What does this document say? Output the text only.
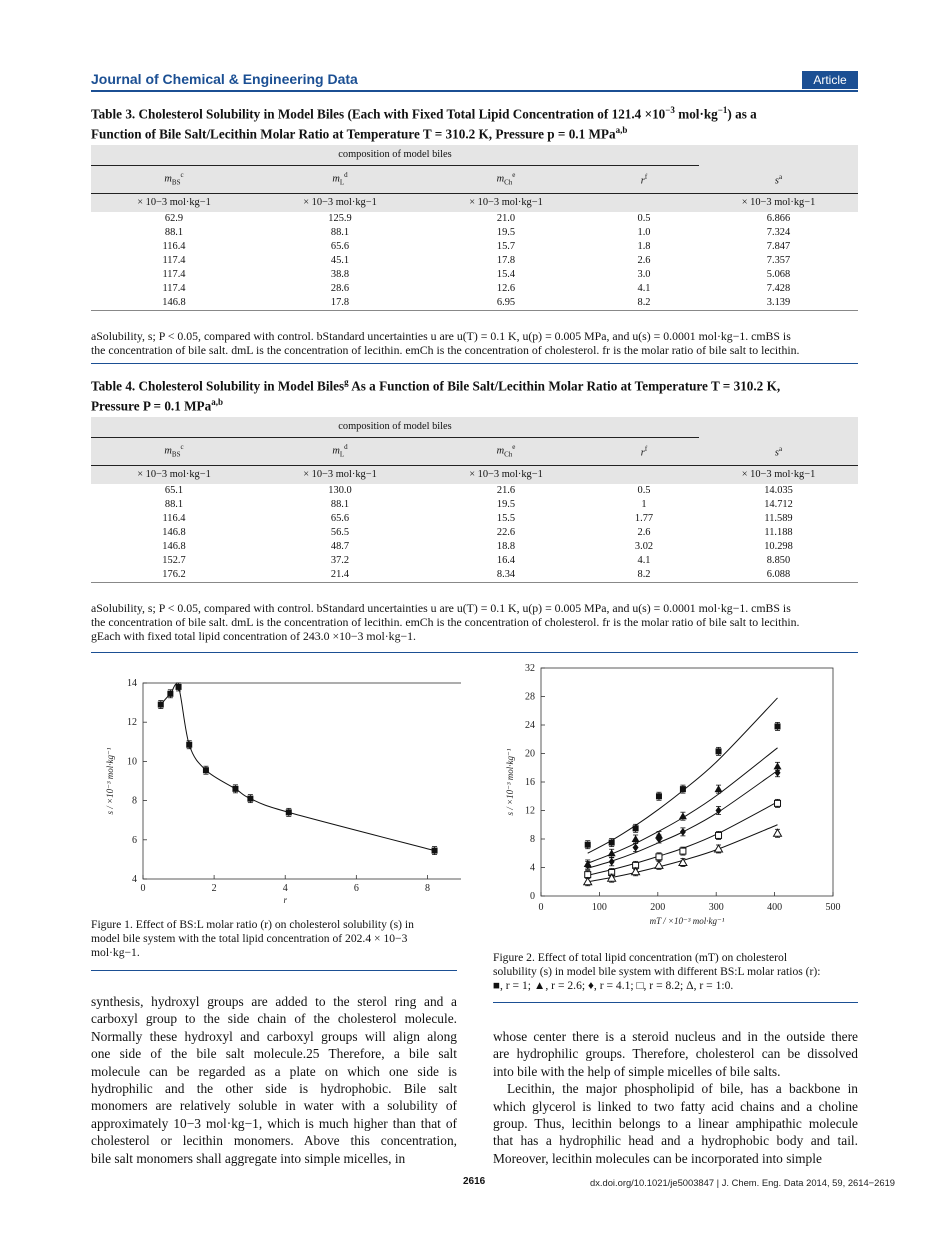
Journal of Chemical & Engineering Data	Article
Table 3. Cholesterol Solubility in Model Biles (Each with Fixed Total Lipid Concentration of $121.4 \times 10^{-3}$ $mol\cdot kg^{-1}$) as a
Function of Bile Salt/Lecithin Molar Ratio at Temperature T = 310.2 K, Pressure p = 0.1 MPa$^{a,b}$
composition of model biles				
$m_{BS}^c$	$m_L^d$	$m_{Ch}^e$	$r^f$	$s^a$
× 10−3 mol·kg−1	× 10−3 mol·kg−1	× 10−3 mol·kg−1		× 10−3 mol·kg−1
62.9	125.9	21.0	0.5	6.866
88.1	88.1	19.5	1.0	7.324
116.4	65.6	15.7	1.8	7.847
117.4	45.1	17.8	2.6	7.357
117.4	38.8	15.4	3.0	5.068
117.4	28.6	12.6	4.1	7.428
146.8	17.8	6.95	8.2	3.139
aSolubility, s; P < 0.05, compared with control. bStandard uncertainties u are u(T) = 0.1 K, u(p) = 0.005 MPa, and u(s) = 0.0001 mol·kg−1. cmBS is
the concentration of bile salt. dmL is the concentration of lecithin. emCh is the concentration of cholesterol. fr is the molar ratio of bile salt to lecithin.
Table 4. Cholesterol Solubility in Model Biles$^g$ As a Function of Bile Salt/Lecithin Molar Ratio at Temperature T = 310.2 K,
Pressure P = 0.1 MPa$^{a,b}$
composition of model biles				
$m_{BS}^c$	$m_L^d$	$m_{Ch}^e$	$r^f$	$s^a$
× 10−3 mol·kg−1	× 10−3 mol·kg−1	× 10−3 mol·kg−1		× 10−3 mol·kg−1
65.1	130.0	21.6	0.5	14.035
88.1	88.1	19.5	1	14.712
116.4	65.6	15.5	1.77	11.589
146.8	56.5	22.6	2.6	11.188
146.8	48.7	18.8	3.02	10.298
152.7	37.2	16.4	4.1	8.850
176.2	21.4	8.34	8.2	6.088
aSolubility, s; P < 0.05, compared with control. bStandard uncertainties u are u(T) = 0.1 K, u(p) = 0.005 MPa, and u(s) = 0.0001 mol·kg−1. cmBS is
the concentration of bile salt. dmL is the concentration of lecithin. emCh is the concentration of cholesterol. fr is the molar ratio of bile salt to lecithin.
gEach with fixed total lipid concentration of 243.0 ×10−3 mol·kg−1.
4
6
8
10
12
14
0	2	4	6	8
r
s / ×10⁻³ mol·kg⁻¹
Figure 1. Effect of BS:L molar ratio (r) on cholesterol solubility (s) in
model bile system with the total lipid concentration of 202.4 × 10−3
mol·kg−1.
0
4
8
12
16
20
24
28
32
0	100	200	300	400	500
mT / ×10⁻³ mol·kg⁻¹
s / ×10⁻³ mol·kg⁻¹
Figure 2. Effect of total lipid concentration (mT) on cholesterol
solubility (s) in model bile system with different BS:L molar ratios (r):
■, r = 1; ▲, r = 2.6; ♦, r = 4.1; □, r = 8.2; Δ, r = 1:0.
synthesis, hydroxyl groups are added to the sterol ring and a
carboxyl group to the side chain of the cholesterol molecule.
Normally these hydroxyl and carboxyl groups will align along
one side of the bile salt molecule.25 Therefore, a bile salt
molecule can be regarded as a plate on which one side is
hydrophilic and the other side is hydrophobic. Bile salt
monomers are relatively soluble in water with a solubility of
approximately 10−3 mol·kg−1, which is much higher than that of
cholesterol or lecithin monomers. Above this concentration,
bile salt monomers shall aggregate into simple micelles, in
whose center there is a steroid nucleus and in the outside there
are hydrophilic groups. Therefore, cholesterol can be dissolved
into bile with the help of simple micelles of bile salts.
Lecithin, the major phospholipid of bile, has a backbone in
which glycerol is linked to two fatty acid chains and a choline
group. Thus, lecithin belongs to a linear amphipathic molecule
that has a hydrophilic head and a hydrophobic body and tail.
Moreover, lecithin molecules can be incorporated into simple
2616	dx.doi.org/10.1021/je5003847 | J. Chem. Eng. Data 2014, 59, 2614−2619
